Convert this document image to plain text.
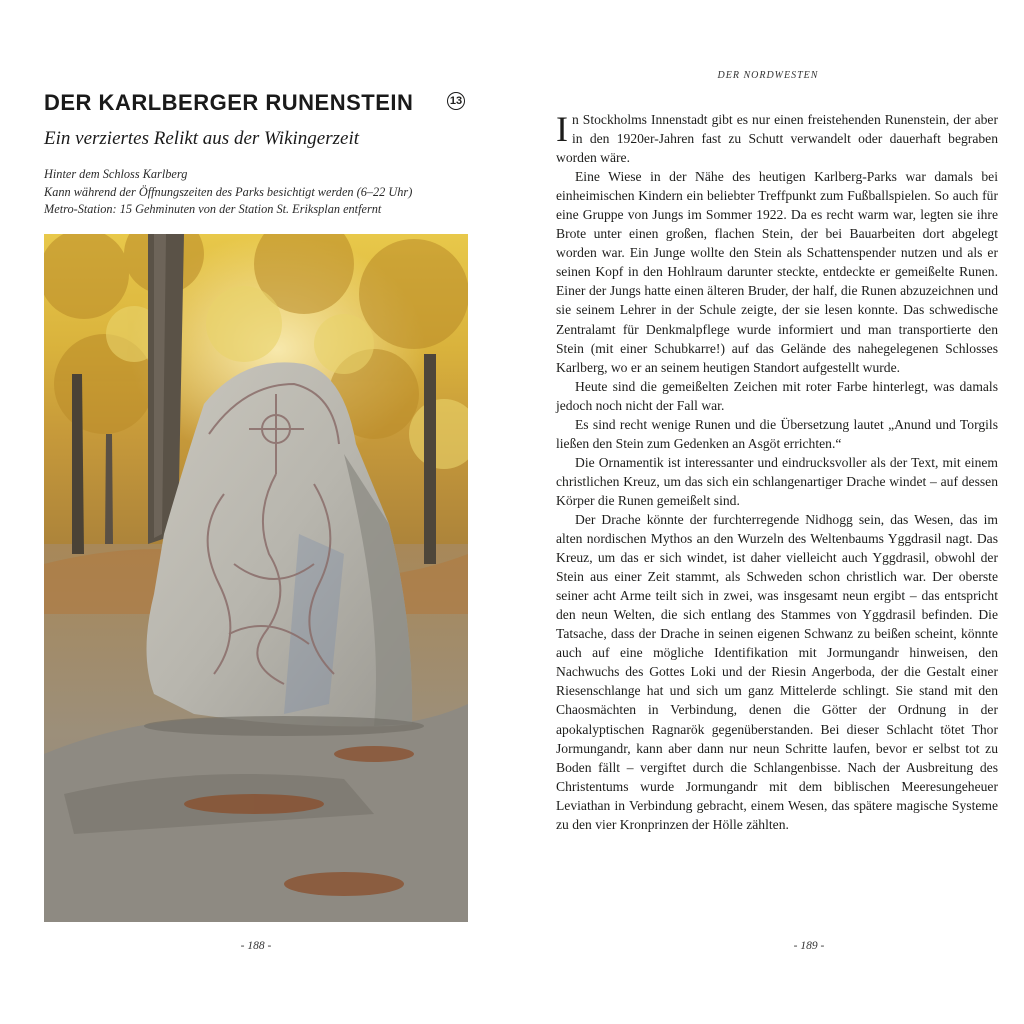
DER KARLBERGER RUNENSTEIN	13
Ein verziertes Relikt aus der Wikingerzeit
Hinter dem Schloss Karlberg
Kann während der Öffnungszeiten des Parks besichtigt werden (6–22 Uhr)
Metro-Station: 15 Gehminuten von der Station St. Eriksplan entfernt
- 188 -
DER NORDWESTEN

In Stockholms Innenstadt gibt es nur einen freistehenden Runenstein, der aber in den 1920er-Jahren fast zu Schutt verwandelt oder dauerhaft begraben worden wäre.

Eine Wiese in der Nähe des heutigen Karlberg-Parks war damals bei einheimischen Kindern ein beliebter Treffpunkt zum Fußballspielen. So auch für eine Gruppe von Jungs im Sommer 1922. Da es recht warm war, legten sie ihre Brote unter einen großen, flachen Stein, der bei Bauarbeiten dort abgelegt worden war. Ein Junge wollte den Stein als Schattenspender nutzen und als er seinen Kopf in den Hohlraum darunter steckte, entdeckte er gemeißelte Runen. Einer der Jungs hatte einen älteren Bruder, der half, die Runen abzuzeichnen und sie seinem Lehrer in der Schule zeigte, der sie lesen konnte. Das schwedische Zentralamt für Denkmalpflege wurde informiert und man transportierte den Stein (mit einer Schubkarre!) auf das Gelände des nahegelegenen Schlosses Karlberg, wo er an seinem heutigen Standort aufgestellt wurde.

Heute sind die gemeißelten Zeichen mit roter Farbe hinterlegt, was damals jedoch noch nicht der Fall war.

Es sind recht wenige Runen und die Übersetzung lautet „Anund und Torgils ließen den Stein zum Gedenken an Asgöt errichten.“

Die Ornamentik ist interessanter und eindrucksvoller als der Text, mit einem christlichen Kreuz, um das sich ein schlangenartiger Drache windet – auf dessen Körper die Runen gemeißelt sind.

Der Drache könnte der furchterregende Nidhogg sein, das Wesen, das im alten nordischen Mythos an den Wurzeln des Weltenbaums Yggdrasil nagt. Das Kreuz, um das er sich windet, ist daher vielleicht auch Yggdrasil, obwohl der Stein aus einer Zeit stammt, als Schweden schon christlich war. Der oberste seiner acht Arme teilt sich in zwei, was insgesamt neun ergibt – das entspricht den neun Welten, die sich entlang des Stammes von Yggdrasil befinden. Die Tatsache, dass der Drache in seinen eigenen Schwanz zu beißen scheint, könnte auch auf eine mögliche Identifikation mit Jormungandr hinweisen, den Nachwuchs des Gottes Loki und der Riesin Angerboda, der die Gestalt einer Riesenschlange hat und sich um ganz Mittelerde schlingt. Sie stand mit den Chaosmächten in Verbindung, denen die Götter der Ordnung in der apokalyptischen Ragnarök gegenüberstanden. Bei dieser Schlacht tötet Thor Jormungandr, kann aber dann nur neun Schritte laufen, bevor er selbst tot zu Boden fällt – vergiftet durch die Schlangenbisse. Nach der Ausbreitung des Christentums wurde Jormungandr mit dem biblischen Meeresungeheuer Leviathan in Verbindung gebracht, einem Wesen, das spätere magische Systeme zu den vier Kronprinzen der Hölle zählten.

- 189 -
